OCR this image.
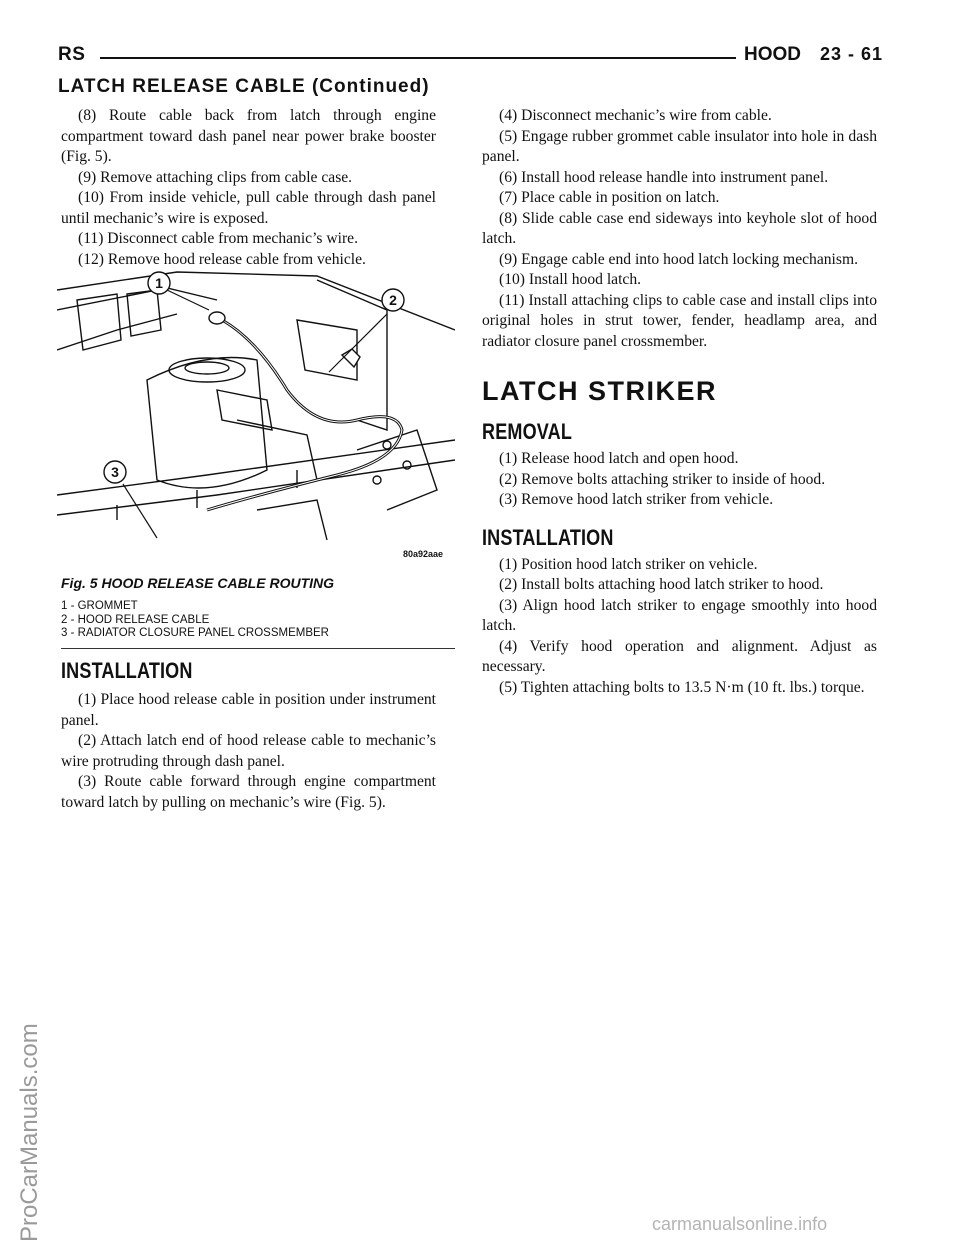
RS	HOOD 23 - 61
LATCH RELEASE CABLE (Continued)

(8) Route cable back from latch through engine compartment toward dash panel near power brake booster (Fig. 5).

(9) Remove attaching clips from cable case.

(10) From inside vehicle, pull cable through dash panel until mechanic’s wire is exposed.

(11) Disconnect cable from mechanic’s wire.

(12) Remove hood release cable from vehicle.

1
2
3
80a92aae
Fig. 5 HOOD RELEASE CABLE ROUTING
1 - GROMMET
2 - HOOD RELEASE CABLE
3 - RADIATOR CLOSURE PANEL CROSSMEMBER

INSTALLATION

(1) Place hood release cable in position under instrument panel.

(2) Attach latch end of hood release cable to mechanic’s wire protruding through dash panel.

(3) Route cable forward through engine compartment toward latch by pulling on mechanic’s wire (Fig. 5).

(4) Disconnect mechanic’s wire from cable.

(5) Engage rubber grommet cable insulator into hole in dash panel.

(6) Install hood release handle into instrument panel.

(7) Place cable in position on latch.

(8) Slide cable case end sideways into keyhole slot of hood latch.

(9) Engage cable end into hood latch locking mechanism.

(10) Install hood latch.

(11) Install attaching clips to cable case and install clips into original holes in strut tower, fender, headlamp area, and radiator closure panel crossmember.

LATCH STRIKER

REMOVAL

(1) Release hood latch and open hood.

(2) Remove bolts attaching striker to inside of hood.

(3) Remove hood latch striker from vehicle.

INSTALLATION

(1) Position hood latch striker on vehicle.

(2) Install bolts attaching hood latch striker to hood.

(3) Align hood latch striker to engage smoothly into hood latch.

(4) Verify hood operation and alignment. Adjust as necessary.

(5) Tighten attaching bolts to 13.5 N·m (10 ft. lbs.) torque.

ProCarManuals.com	carmanualsonline.info
